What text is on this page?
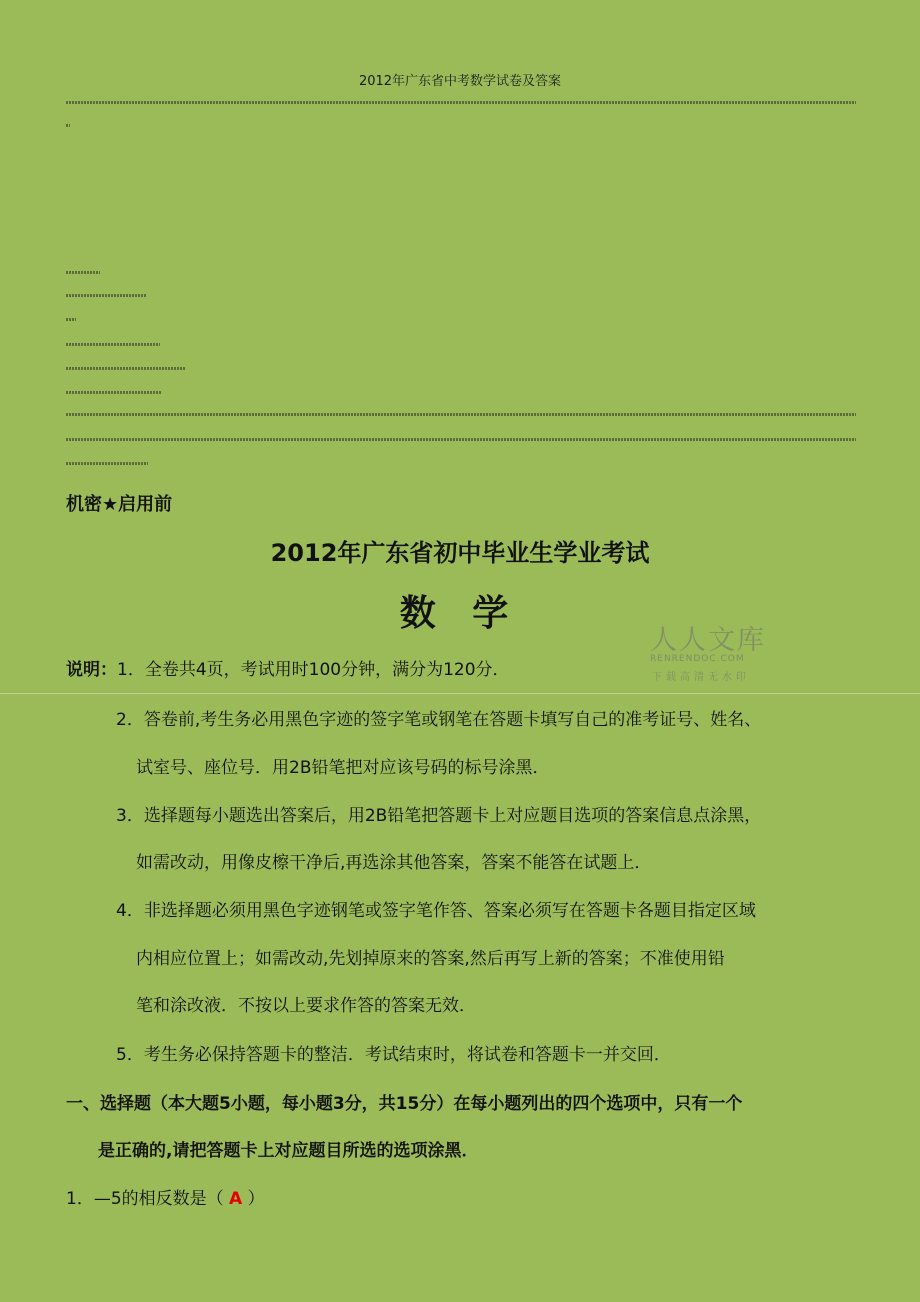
2012年广东省中考数学试卷及答案
机密★启用前
2012年广东省初中毕业生学业考试
数 学
人人文库
RENRENDOC.COM
下载高清无水印
说明：1．全卷共4页，考试用时100分钟，满分为120分．
2．答卷前,考生务必用黑色字迹的签字笔或钢笔在答题卡填写自己的准考证号、姓名、
试室号、座位号．用2B铅笔把对应该号码的标号涂黑．
3．选择题每小题选出答案后，用2B铅笔把答题卡上对应题目选项的答案信息点涂黑，
如需改动，用像皮檫干净后,再选涂其他答案，答案不能答在试题上．
4．非选择题必须用黑色字迹钢笔或签字笔作答、答案必须写在答题卡各题目指定区域
内相应位置上；如需改动,先划掉原来的答案,然后再写上新的答案；不准使用铅
笔和涂改液．不按以上要求作答的答案无效．
5．考生务必保持答题卡的整洁．考试结束时，将试卷和答题卡一并交回．
一、选择题（本大题5小题，每小题3分，共15分）在每小题列出的四个选项中，只有一个
是正确的,请把答题卡上对应题目所选的选项涂黑．
1．—5的相反数是（ A ）
